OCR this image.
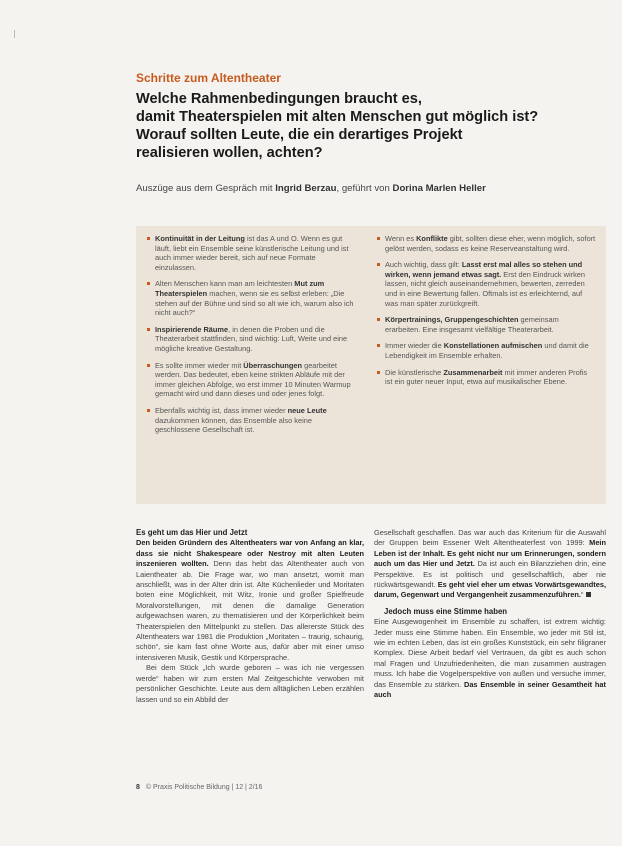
Schritte zum Altentheater
Welche Rahmenbedingungen braucht es,
damit Theaterspielen mit alten Menschen gut möglich ist?
Worauf sollten Leute, die ein derartiges Projekt
realisieren wollen, achten?
Auszüge aus dem Gespräch mit Ingrid Berzau, geführt von Dorina Marlen Heller
Kontinuität in der Leitung ist das A und O. Wenn es gut läuft, liebt ein Ensemble seine künstlerische Leitung und ist auch immer wieder bereit, sich auf neue Formate einzulassen.
Alten Menschen kann man am leichtesten Mut zum Theaterspielen machen, wenn sie es selbst erleben: „Die stehen auf der Bühne und sind so alt wie ich, warum also ich nicht auch?“
Inspirierende Räume, in denen die Proben und die Theaterarbeit stattfinden, sind wichtig: Luft, Weite und eine mögliche kreative Gestaltung.
Es sollte immer wieder mit Überraschungen gearbeitet werden. Das bedeutet, eben keine strikten Abläufe mit der immer gleichen Abfolge, wo erst immer 10 Minuten Warmup gemacht wird und dann dieses und oder jenes folgt.
Ebenfalls wichtig ist, dass immer wieder neue Leute dazukommen können, das Ensemble also keine geschlossene Gesellschaft ist.
Wenn es Konflikte gibt, sollten diese eher, wenn möglich, sofort gelöst werden, sodass es keine Reserveanstaltung wird.
Auch wichtig, dass gilt: Lasst erst mal alles so stehen und wirken, wenn jemand etwas sagt. Erst den Eindruck wirken lassen, nicht gleich auseinandernehmen, bewerten, zerreden und in eine Bewertung fallen. Oftmals ist es erleichternd, auf was man später zurückgreift.
Körpertrainings, Gruppengeschichten gemeinsam erarbeiten. Eine insgesamt vielfältige Theaterarbeit.
Immer wieder die Konstellationen aufmischen und damit die Lebendigkeit im Ensemble erhalten.
Die künstlerische Zusammenarbeit mit immer anderen Profis ist ein guter neuer Input, etwa auf musikalischer Ebene.

Es geht um das Hier und Jetzt

Den beiden Gründern des Altentheaters war von Anfang an klar, dass sie nicht Shakespeare oder Nestroy mit alten Leuten inszenieren wollten. Denn das hebt das Altentheater auch von Laientheater ab. Die Frage war, wo man ansetzt, womit man anschließt, was in der Alter drin ist. Alte Küchenlieder und Moritaten boten eine Möglichkeit, mit Witz, Ironie und großer Spielfreude Moralvorstellungen, mit denen die damalige Generation aufgewachsen waren, zu thematisieren und der Körperlichkeit beim Theaterspielen den Mittelpunkt zu stellen. Das allererste Stück des Altentheaters war 1981 die Produktion „Moritaten – traurig, schaurig, schön“, sie kam fast ohne Worte aus, dafür aber mit einer umso intensiveren Musik, Gestik und Körpersprache.

Bei dem Stück „Ich wurde geboren – was ich nie vergessen werde“ haben wir zum ersten Mal Zeitgeschichte verwoben mit persönlicher Geschichte. Leute aus dem alltäglichen Leben erzählen lassen und so ein Abbild der

Gesellschaft geschaffen. Das war auch das Kriterium für die Auswahl der Gruppen beim Essener Welt Altentheaterfest von 1999: Mein Leben ist der Inhalt. Es geht nicht nur um Erinnerungen, sondern auch um das Hier und Jetzt. Da ist auch ein Bilanzziehen drin, eine Perspektive. Es ist politisch und gesellschaftlich, aber nie rückwärtsgewandt. Es geht viel eher um etwas Vorwärtsgewandtes, darum, Gegenwart und Vergangenheit zusammenzuführen.“

Jedoch muss eine Stimme haben

Eine Ausgewogenheit im Ensemble zu schaffen, ist extrem wichtig: Jeder muss eine Stimme haben. Ein Ensemble, wo jeder mit Stil ist, wie im echten Leben, das ist ein großes Kunststück, ein sehr filigraner Komplex. Diese Arbeit bedarf viel Vertrauen, da gibt es auch schon mal Fragen und Unzufriedenheiten, die man zusammen austragen muss. Ich habe die Vogelperspektive von außen und versuche immer, das Ensemble zu stärken. Das Ensemble in seiner Gesamtheit hat auch

8 © Praxis Politische Bildung | 12 | 2/16
